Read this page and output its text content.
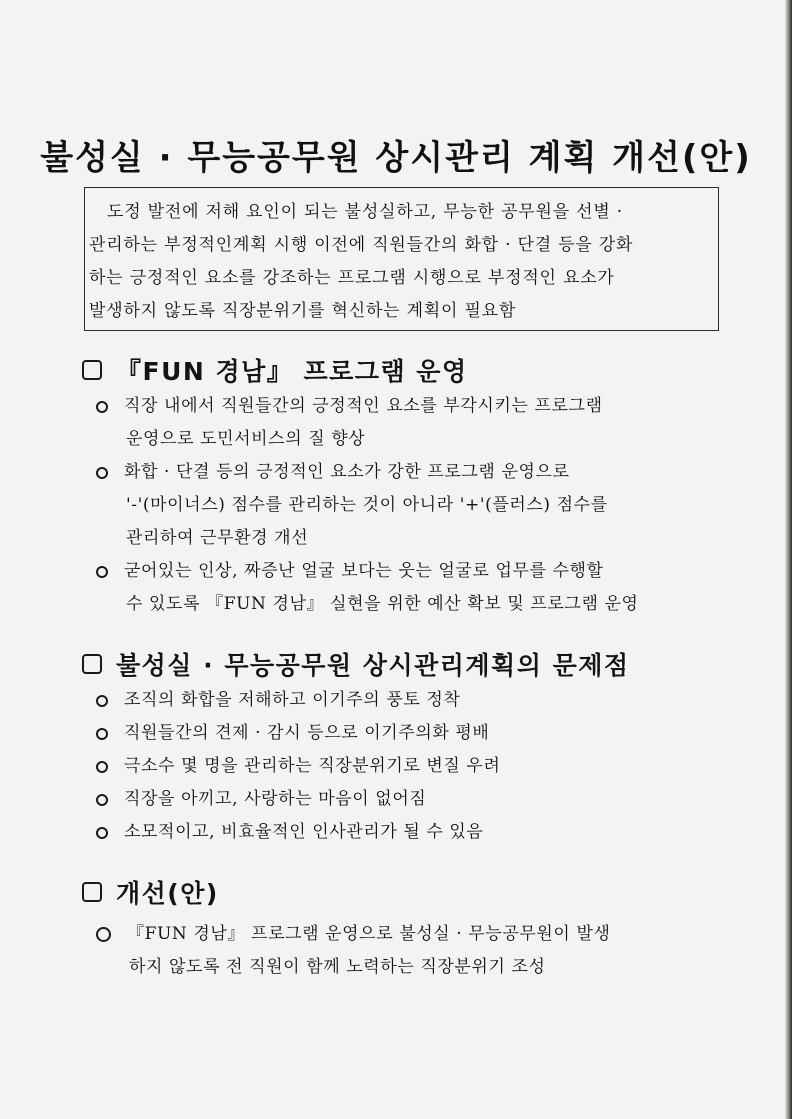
불성실 · 무능공무원 상시관리 계획 개선(안)
도정 발전에 저해 요인이 되는 불성실하고, 무능한 공무원을 선별 ·
관리하는 부정적인계획 시행 이전에 직원들간의 화합 · 단결 등을 강화
하는 긍정적인 요소를 강조하는 프로그램 시행으로 부정적인 요소가
발생하지 않도록 직장분위기를 혁신하는 계획이 필요함
『FUN 경남』 프로그램 운영
직장 내에서 직원들간의 긍정적인 요소를 부각시키는 프로그램
운영으로 도민서비스의 질 향상
화합 · 단결 등의 긍정적인 요소가 강한 프로그램 운영으로
'-'(마이너스) 점수를 관리하는 것이 아니라 '+'(플러스) 점수를
관리하여 근무환경 개선
굳어있는 인상, 짜증난 얼굴 보다는 웃는 얼굴로 업무를 수행할
수 있도록 『FUN 경남』 실현을 위한 예산 확보 및 프로그램 운영
불성실 · 무능공무원 상시관리계획의 문제점
조직의 화합을 저해하고 이기주의 풍토 정착
직원들간의 견제 · 감시 등으로 이기주의화 평배
극소수 몇 명을 관리하는 직장분위기로 변질 우려
직장을 아끼고, 사랑하는 마음이 없어짐
소모적이고, 비효율적인 인사관리가 될 수 있음
개선(안)
『FUN 경남』 프로그램 운영으로 불성실 · 무능공무원이 발생
하지 않도록 전 직원이 함께 노력하는 직장분위기 조성
